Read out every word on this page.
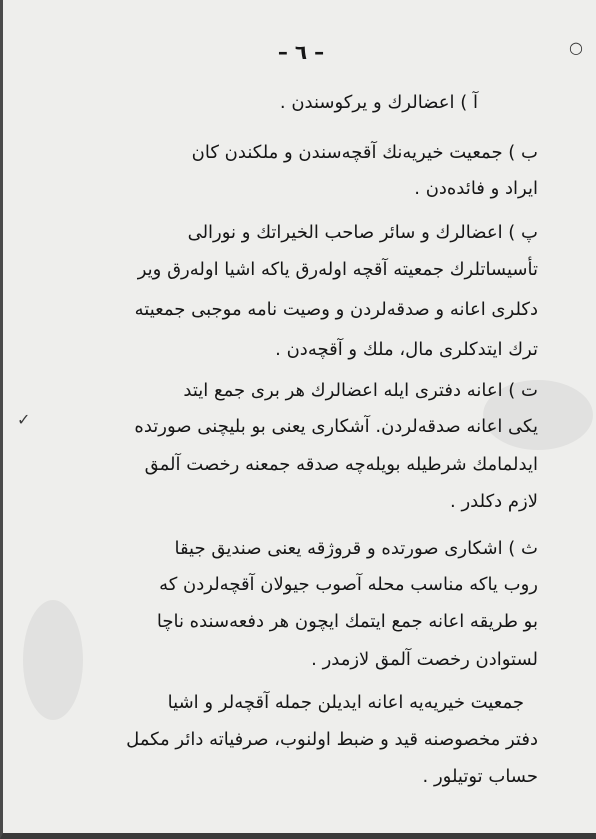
– ٦ –	○
✓
آ ) اعضالرك و يركوسندن .
ب ) جمعيت خيريه‌نك آقچه‌سندن و ملكندن كان
ايراد و فائده‌دن .
پ ) اعضالرك و سائر صاحب الخيراتك و نورالى
تأسيساتلرك جمعيته آقچه اوله‌رق ياكه اشيا اوله‌رق وير
دكلرى اعانه و صدقه‌لردن و وصيت نامه موجبى جمعيته
ترك ايتدكلرى مال، ملك و آقچه‌دن .
ت ) اعانه دفترى ايله اعضالرك هر برى جمع ايتد
يكى اعانه صدقه‌لردن. آشكارى يعنى بو بليچنى صورتده
ايدلمامك شرطيله بويله‌چه صدقه جمعنه رخصت آلمق
لازم دكلدر .
ث ) اشكارى صورتده و قروژقه يعنى صنديق جيقا
روب ياكه مناسب محله آصوب جيولان آقچه‌لردن كه
بو طريقه اعانه جمع ايتمك ايچون هر دفعه‌سنده ناچا
لستوادن رخصت آلمق لازمدر .
جمعيت خيريه‌يه اعانه ايديلن جمله آقچه‌لر و اشيا
دفتر مخصوصنه قيد و ضبط اولنوب، صرفياته دائر مكمل
حساب توتيلور .
